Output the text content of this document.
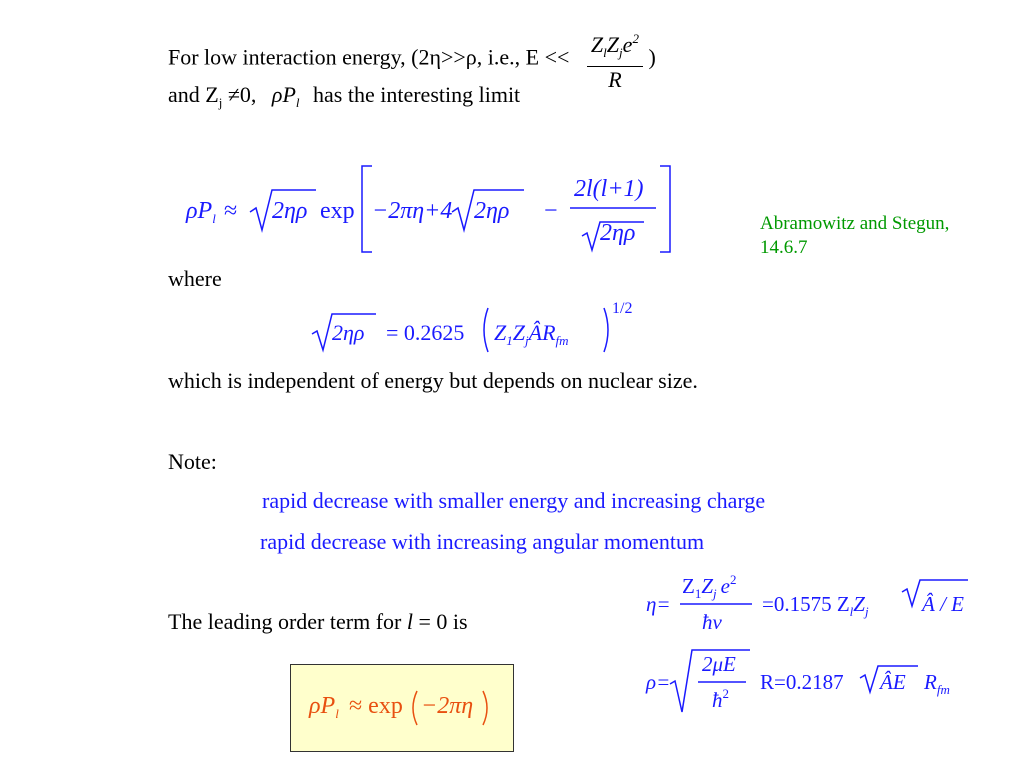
For low interaction energy, (2η>>ρ, i.e., $E << \frac{Z_lZ_je^2}{R}$ )
and $Z_j \ne 0$, $\rho P_l$ has the interesting limit
$\rho P_l \approx 2\eta\rho$ exp −2πη+4 2ηρ −
2l(l+1)
2ηρ	Abramowitz and Stegun,
14.6.7
where
2ηρ = 0.2625 $Z_1Z_jÂR_{fm}$
1/2
which is independent of energy but depends on nuclear size.
Note:
rapid decrease with smaller energy and increasing charge
rapid decrease with increasing angular momentum
The leading order term for l = 0 is
η=
$Z_1Z_j$ $e^2$
ħv
=0.1575 $Z_lZ_j$	Â / E
ρ=
2μE
$ħ^2$ R=0.2187 ÂE $R_{fm}$
$\rho P_l \approx \exp -2\pi\eta$
